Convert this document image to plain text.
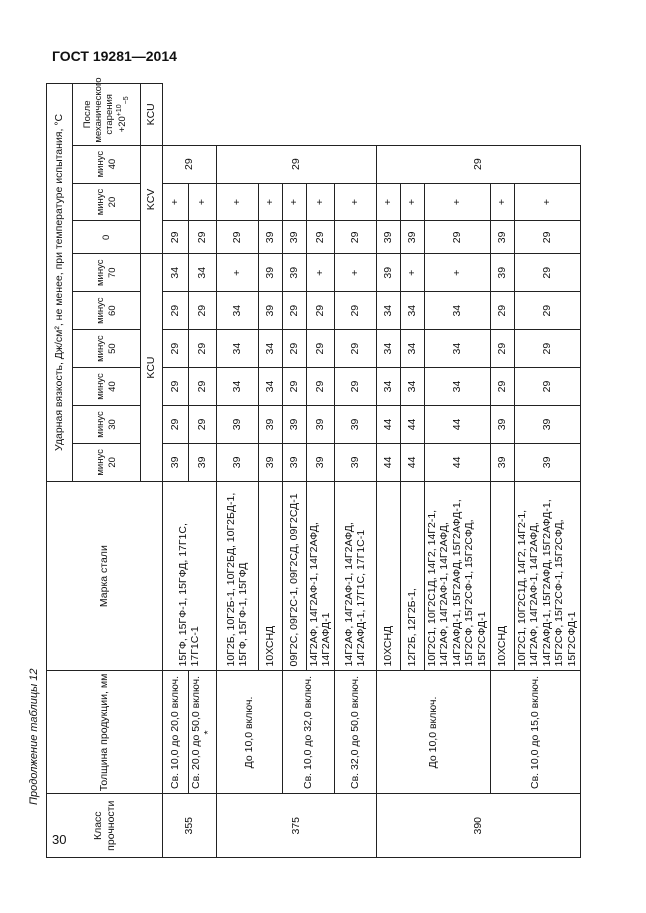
ГОСТ 19281—2014
Продолжение таблицы 12
30 Класс прочности	Толщина продукции, мм	Марка стали	Ударная вязкость, Дж/см², не менее, при температуре испытания, °С									
			минус 20	минус 30	минус 40	минус 50	минус 60	минус 70	0	минус 20	минус 40	После механического старения $+20^{+10}_{-5}$
			KCU						KCV			KCU
355	Св. 10,0 до 20,0 включ.	15ГФ, 15ГФ-1, 15ГФД, 17Г1С, 17Г1С-1	39	29	29	29	29	34	29	+	29	
	Св. 20,0 до 50,0 включ. *		39	29	29	29	29	34	29	+		
375	До 10,0 включ.	10Г2Б, 10Г2Б-1, 10Г2БД, 10Г2БД-1, 15ГФ, 15ГФ-1, 15ГФД	39	39	34	34	34	+	29	+	29	
		10ХСНД	39	39	34	34	39	39	39	+		
	Св. 10,0 до 32,0 включ.	09Г2С, 09Г2С-1, 09Г2СД, 09Г2СД-1	39	39	29	29	29	39	39	+		
		14Г2АФ, 14Г2АФ-1, 14Г2АФД, 14Г2АФД-1	39	39	29	29	29	+	29	+		
	Св. 32,0 до 50,0 включ.	14Г2АФ, 14Г2АФ-1, 14Г2АФД, 14Г2АФД-1, 17Г1С, 17Г1С-1	39	39	29	29	29	+	29	+		
390	До 10,0 включ.	10ХСНД	44	44	34	34	34	39	39	+	29	
		12Г2Б, 12Г2Б-1,	44	44	34	34	34	+	39	+		
		10Г2С1, 10Г2С1Д, 14Г2, 14Г2-1, 14Г2АФ, 14Г2АФ-1, 14Г2АФД, 14Г2АФД-1, 15Г2АФД, 15Г2АФД-1, 15Г2СФ, 15Г2СФ-1, 15Г2СФД, 15Г2СФД-1	44	44	34	34	34	+	29	+		
	Св. 10,0 до 15,0 включ.	10ХСНД	39	39	29	29	29	39	39	+		
		10Г2С1, 10Г2С1Д, 14Г2, 14Г2-1, 14Г2АФ, 14Г2АФ-1, 14Г2АФД, 14Г2АФД-1, 15Г2АФД, 15Г2АФД-1, 15Г2СФ, 15Г2СФ-1, 15Г2СФД, 15Г2СФД-1	39	39	29	29	29	29	29	+		
